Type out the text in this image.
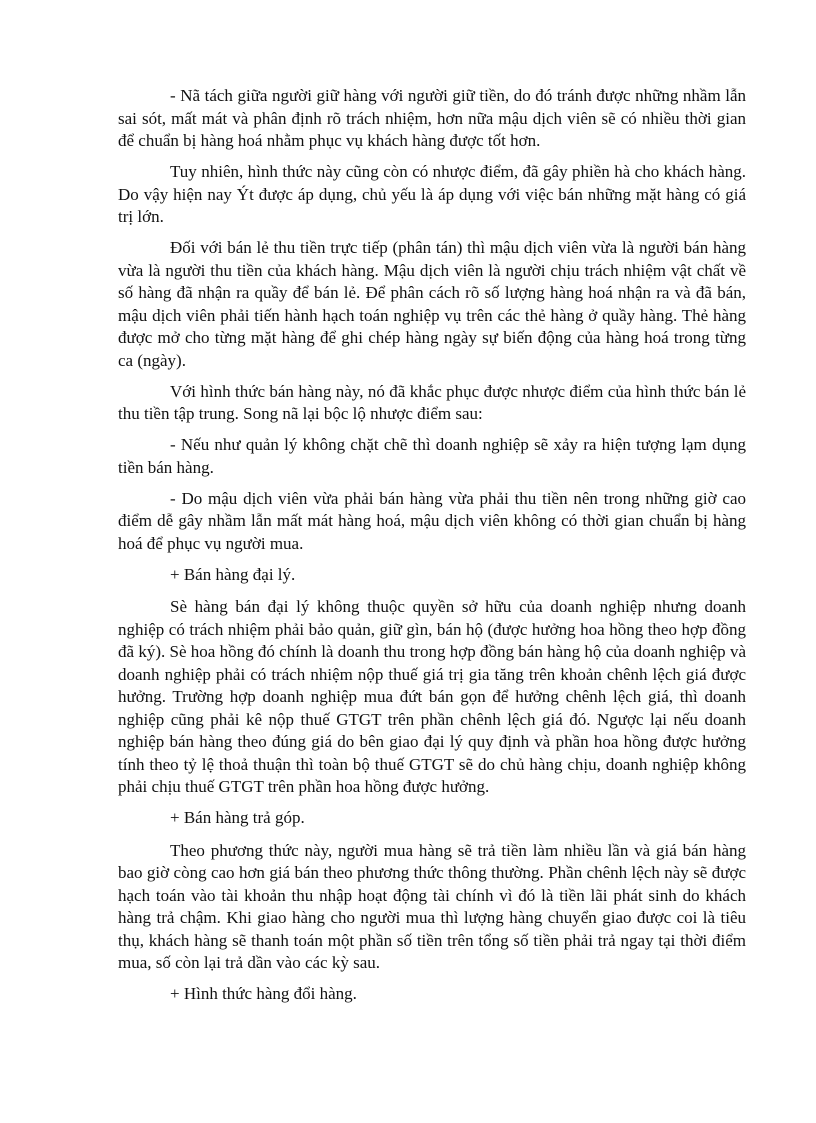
- Nã tách giữa người giữ hàng với người giữ tiền, do đó tránh được những nhầm lẫn sai sót, mất mát và phân định rõ trách nhiệm, hơn nữa mậu dịch viên sẽ có nhiều thời gian để chuẩn bị hàng hoá nhằm phục vụ khách hàng được tốt hơn.

Tuy nhiên, hình thức này cũng còn có nhược điểm, đã gây phiền hà cho khách hàng. Do vậy hiện nay Ýt được áp dụng, chủ yếu là áp dụng với việc bán những mặt hàng có giá trị lớn.

Đối với bán lẻ thu tiền trực tiếp (phân tán) thì mậu dịch viên vừa là người bán hàng vừa là người thu tiền của khách hàng. Mậu dịch viên là người chịu trách nhiệm vật chất về số hàng đã nhận ra quầy để bán lẻ. Để phân cách rõ số lượng hàng hoá nhận ra và đã bán, mậu dịch viên phải tiến hành hạch toán nghiệp vụ trên các thẻ hàng ở quầy hàng. Thẻ hàng được mở cho từng mặt hàng để ghi chép hàng ngày sự biến động của hàng hoá trong từng ca (ngày).

Với hình thức bán hàng này, nó đã khắc phục được nhược điểm của hình thức bán lẻ thu tiền tập trung. Song nã lại bộc lộ nhược điểm sau:

- Nếu như quản lý không chặt chẽ thì doanh nghiệp sẽ xảy ra hiện tượng lạm dụng tiền bán hàng.

- Do mậu dịch viên vừa phải bán hàng vừa phải thu tiền nên trong những giờ cao điểm dễ gây nhầm lẫn mất mát hàng hoá, mậu dịch viên không có thời gian chuẩn bị hàng hoá để phục vụ người mua.

+ Bán hàng đại lý.

Sè hàng bán đại lý không thuộc quyền sở hữu của doanh nghiệp nhưng doanh nghiệp có trách nhiệm phải bảo quản, giữ gìn, bán hộ (được hưởng hoa hồng theo hợp đồng đã ký). Sè hoa hồng đó chính là doanh thu trong hợp đồng bán hàng hộ của doanh nghiệp và doanh nghiệp phải có trách nhiệm nộp thuế giá trị gia tăng trên khoản chênh lệch giá được hưởng. Trường hợp doanh nghiệp mua đứt bán gọn để hưởng chênh lệch giá, thì doanh nghiệp cũng phải kê nộp thuế GTGT trên phần chênh lệch giá đó. Ngược lại nếu doanh nghiệp bán hàng theo đúng giá do bên giao đại lý quy định và phần hoa hồng được hưởng tính theo tỷ lệ thoả thuận thì toàn bộ thuế GTGT sẽ do chủ hàng chịu, doanh nghiệp không phải chịu thuế GTGT trên phần hoa hồng được hưởng.

+ Bán hàng trả góp.

Theo phương thức này, người mua hàng sẽ trả tiền làm nhiều lần và giá bán hàng bao giờ còng cao hơn giá bán theo phương thức thông thường. Phần chênh lệch này sẽ được hạch toán vào tài khoản thu nhập hoạt động tài chính vì đó là tiền lãi phát sinh do khách hàng trả chậm. Khi giao hàng cho người mua thì lượng hàng chuyển giao được coi là tiêu thụ, khách hàng sẽ thanh toán một phần số tiền trên tổng số tiền phải trả ngay tại thời điểm mua, số còn lại trả dần vào các kỳ sau.

+ Hình thức hàng đổi hàng.
